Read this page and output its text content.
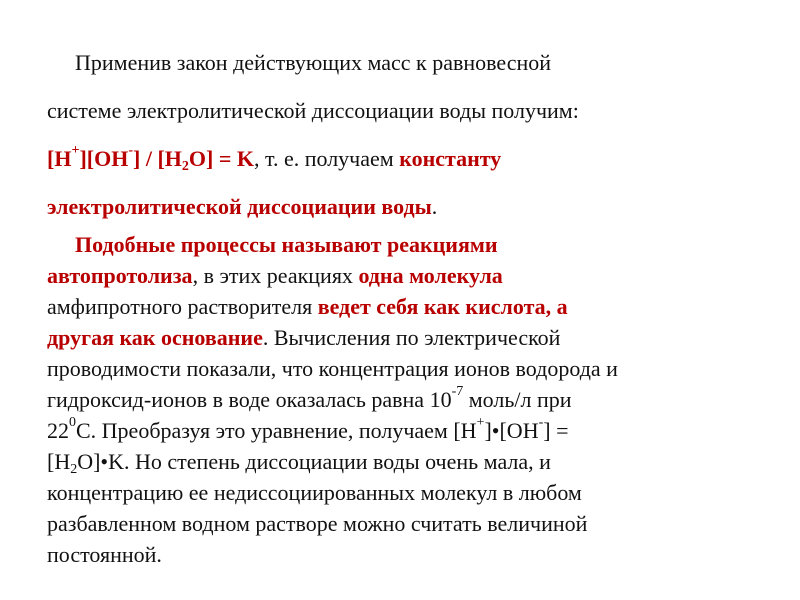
Применив закон действующих масс к равновесной

системе электролитической диссоциации воды получим:

$[H^+][OH^-] / [H_2O] = K$, т. е. получаем константу

электролитической диссоциации воды.

Подобные процессы называют реакциями

автопротолиза, в этих реакциях одна молекула

амфипротного растворителя ведет себя как кислота, а

другая как основание. Вычисления по электрической

проводимости показали, что концентрация ионов водорода и

гидроксид-ионов в воде оказалась равна $10^{-7}$ моль/л при

$22^0С$. Преобразуя это уравнение, получаем [H+]•[OH-] =

$[H_2O]•K$. Но степень диссоциации воды очень мала, и

концентрацию ее недиссоциированных молекул в любом

разбавленном водном растворе можно считать величиной

постоянной.
